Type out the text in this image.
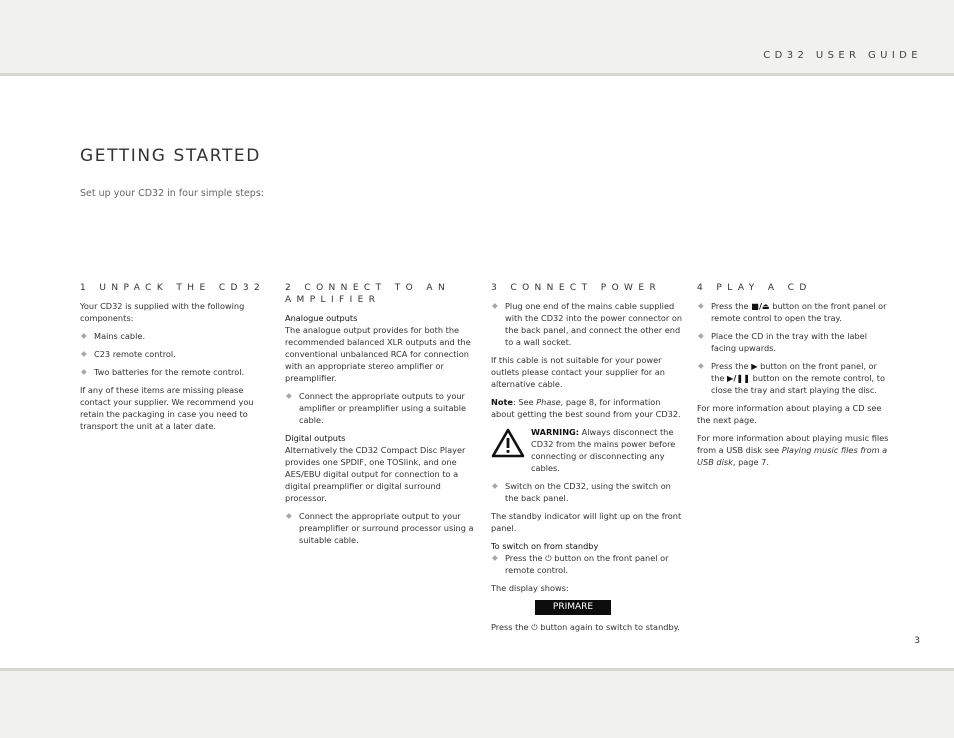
CD32 USER GUIDE
GETTING STARTED
Set up your CD32 in four simple steps:
1 UNPACK THE CD32
Your CD32 is supplied with the following components:
◆ Mains cable.
◆ C23 remote control.
◆ Two batteries for the remote control.
If any of these items are missing please contact your supplier. We recommend you retain the packaging in case you need to transport the unit at a later date.
2 CONNECT TO AN AMPLIFIER
Analogue outputs
The analogue output provides for both the recommended balanced XLR outputs and the conventional unbalanced RCA for connection with an appropriate stereo amplifier or preamplifier.
◆ Connect the appropriate outputs to your amplifier or preamplifier using a suitable cable.
Digital outputs
Alternatively the CD32 Compact Disc Player provides one SPDIF, one TOSlink, and one AES/EBU digital output for connection to a digital preamplifier or digital surround processor.
◆ Connect the appropriate output to your preamplifier or surround processor using a suitable cable.
3 CONNECT POWER
◆ Plug one end of the mains cable supplied with the CD32 into the power connector on the back panel, and connect the other end to a wall socket.
If this cable is not suitable for your power outlets please contact your supplier for an alternative cable.
Note: See Phase, page 8, for information about getting the best sound from your CD32.
WARNING: Always disconnect the CD32 from the mains power before connecting or disconnecting any cables.
◆ Switch on the CD32, using the switch on the back panel.
The standby indicator will light up on the front panel.
To switch on from standby
◆ Press the ⏻ button on the front panel or remote control.
The display shows:
PRIMARE
Press the ⏻ button again to switch to standby.
4 PLAY A CD
◆ Press the ■/⏏ button on the front panel or remote control to open the tray.
◆ Place the CD in the tray with the label facing upwards.
◆ Press the ▶ button on the front panel, or the ▶/❚❚ button on the remote control, to close the tray and start playing the disc.
For more information about playing a CD see the next page.
For more information about playing music files from a USB disk see Playing music files from a USB disk, page 7.
3
